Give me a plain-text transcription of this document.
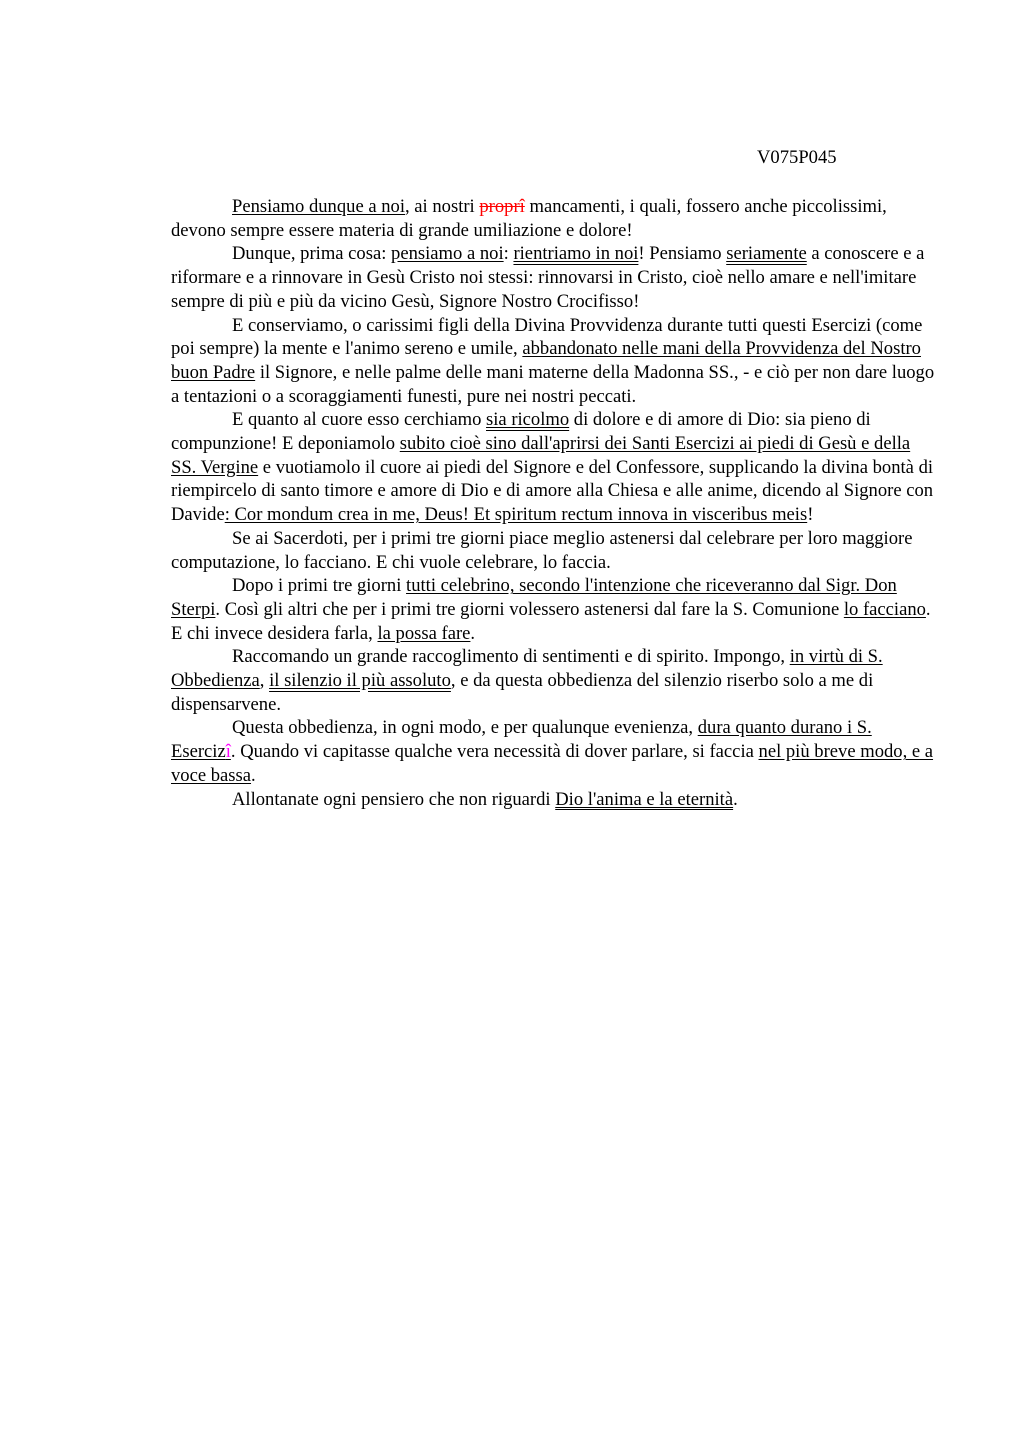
V075P045

Pensiamo dunque a noi, ai nostri proprî mancamenti, i quali, fossero anche piccolissimi, devono sempre essere materia di grande umiliazione e dolore!

Dunque, prima cosa: pensiamo a noi: rientriamo in noi! Pensiamo seriamente a conoscere e a riformare e a rinnovare in Gesù Cristo noi stessi: rinnovarsi in Cristo, cioè nello amare e nell'imitare sempre di più e più da vicino Gesù, Signore Nostro Crocifisso!

E conserviamo, o carissimi figli della Divina Provvidenza durante tutti questi Esercizi (come poi sempre) la mente e l'animo sereno e umile, abbandonato nelle mani della Provvidenza del Nostro buon Padre il Signore, e nelle palme delle mani materne della Madonna SS., - e ciò per non dare luogo a tentazioni o a scoraggiamenti funesti, pure nei nostri peccati.

E quanto al cuore esso cerchiamo sia ricolmo di dolore e di amore di Dio: sia pieno di compunzione! E deponiamolo subito cioè sino dall'aprirsi dei Santi Esercizi ai piedi di Gesù e della SS. Vergine e vuotiamolo il cuore ai piedi del Signore e del Confessore, supplicando la divina bontà di riempircelo di santo timore e amore di Dio e di amore alla Chiesa e alle anime, dicendo al Signore con Davide: Cor mondum crea in me, Deus! Et spiritum rectum innova in visceribus meis!

Se ai Sacerdoti, per i primi tre giorni piace meglio astenersi dal celebrare per loro maggiore computazione, lo facciano. E chi vuole celebrare, lo faccia.

Dopo i primi tre giorni tutti celebrino, secondo l'intenzione che riceveranno dal Sigr. Don Sterpi. Così gli altri che per i primi tre giorni volessero astenersi dal fare la S. Comunione lo facciano. E chi invece desidera farla, la possa fare.

Raccomando un grande raccoglimento di sentimenti e di spirito. Impongo, in virtù di S. Obbedienza, il silenzio il più assoluto, e da questa obbedienza del silenzio riserbo solo a me di dispensarvene.

Questa obbedienza, in ogni modo, e per qualunque evenienza, dura quanto durano i S. Esercizî. Quando vi capitasse qualche vera necessità di dover parlare, si faccia nel più breve modo, e a voce bassa.

Allontanate ogni pensiero che non riguardi Dio l'anima e la eternità.
